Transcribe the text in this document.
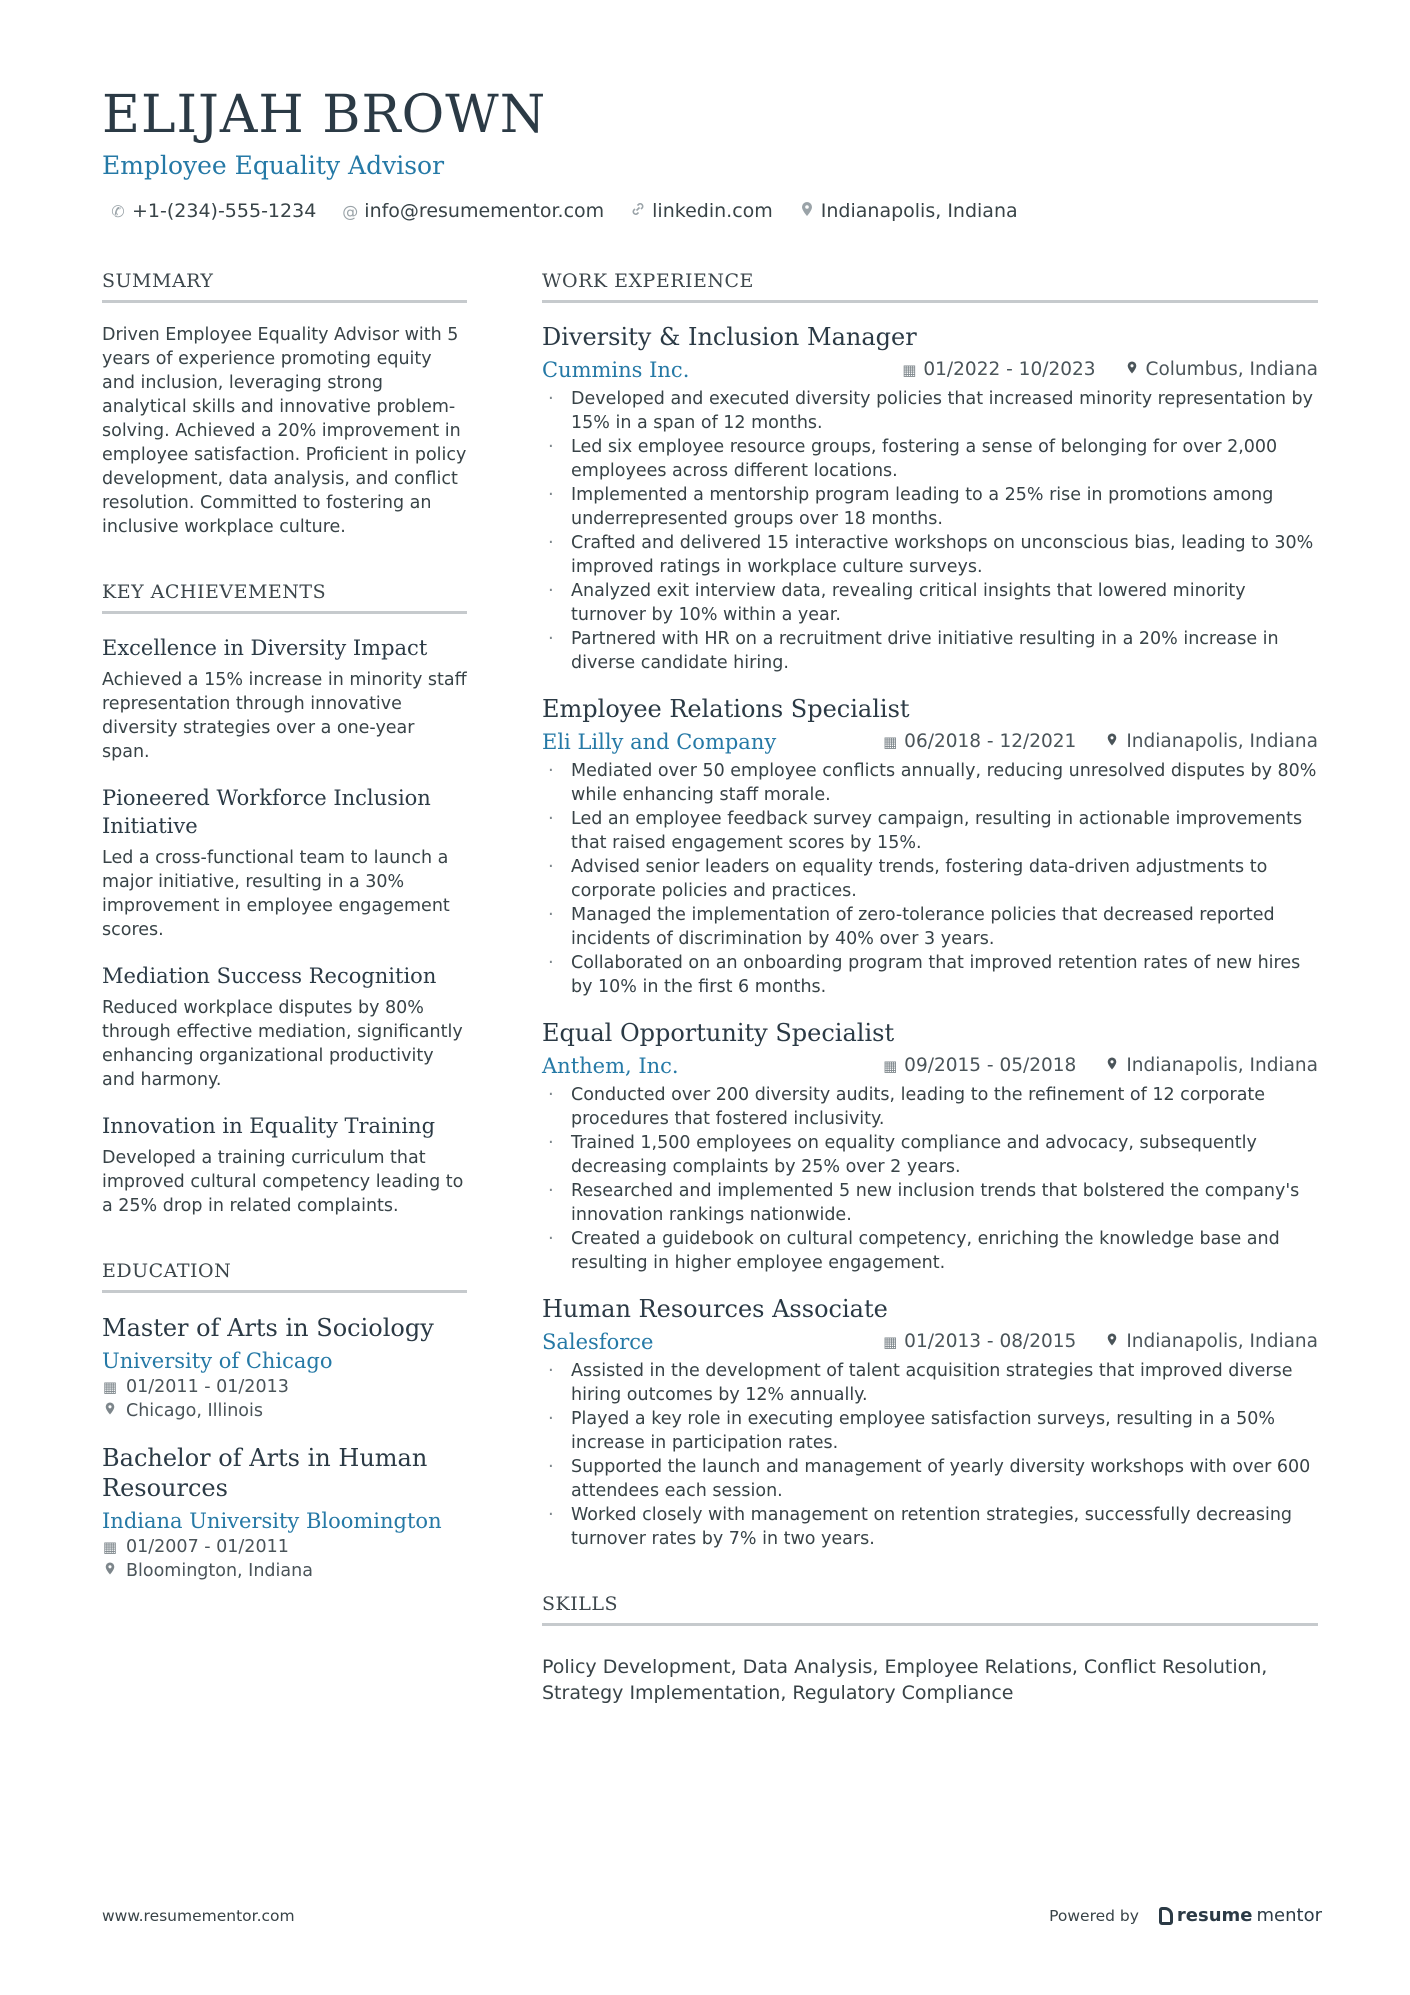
ELIJAH BROWN
Employee Equality Advisor
✆ +1-(234)-555-1234 @ info@resumementor.com	linkedin.com	Indianapolis, Indiana
SUMMARY

Driven Employee Equality Advisor with 5 years of experience promoting equity and inclusion, leveraging strong analytical skills and innovative problem-solving. Achieved a 20% improvement in employee satisfaction. Proficient in policy development, data analysis, and conflict resolution. Committed to fostering an inclusive workplace culture.

KEY ACHIEVEMENTS
Excellence in Diversity Impact
Achieved a 15% increase in minority staff representation through innovative diversity strategies over a one-year span.
Pioneered Workforce Inclusion Initiative
Led a cross-functional team to launch a major initiative, resulting in a 30% improvement in employee engagement scores.
Mediation Success Recognition
Reduced workplace disputes by 80% through effective mediation, significantly enhancing organizational productivity and harmony.
Innovation in Equality Training
Developed a training curriculum that improved cultural competency leading to a 25% drop in related complaints.
EDUCATION
Master of Arts in Sociology
University of Chicago
▦ 01/2011 - 01/2013
Chicago, Illinois
Bachelor of Arts in Human Resources
Indiana University Bloomington
▦ 01/2007 - 01/2011
Bloomington, Indiana
WORK EXPERIENCE
Diversity & Inclusion Manager
Cummins Inc.	▦ 01/2022 - 10/2023	Columbus, Indiana
· Developed and executed diversity policies that increased minority representation by 15% in a span of 12 months.
· Led six employee resource groups, fostering a sense of belonging for over 2,000 employees across different locations.
· Implemented a mentorship program leading to a 25% rise in promotions among underrepresented groups over 18 months.
· Crafted and delivered 15 interactive workshops on unconscious bias, leading to 30% improved ratings in workplace culture surveys.
· Analyzed exit interview data, revealing critical insights that lowered minority turnover by 10% within a year.
· Partnered with HR on a recruitment drive initiative resulting in a 20% increase in diverse candidate hiring.
Employee Relations Specialist
Eli Lilly and Company	▦ 06/2018 - 12/2021	Indianapolis, Indiana
· Mediated over 50 employee conflicts annually, reducing unresolved disputes by 80% while enhancing staff morale.
· Led an employee feedback survey campaign, resulting in actionable improvements that raised engagement scores by 15%.
· Advised senior leaders on equality trends, fostering data-driven adjustments to corporate policies and practices.
· Managed the implementation of zero-tolerance policies that decreased reported incidents of discrimination by 40% over 3 years.
· Collaborated on an onboarding program that improved retention rates of new hires by 10% in the first 6 months.
Equal Opportunity Specialist
Anthem, Inc.	▦ 09/2015 - 05/2018	Indianapolis, Indiana
· Conducted over 200 diversity audits, leading to the refinement of 12 corporate procedures that fostered inclusivity.
· Trained 1,500 employees on equality compliance and advocacy, subsequently decreasing complaints by 25% over 2 years.
· Researched and implemented 5 new inclusion trends that bolstered the company's innovation rankings nationwide.
· Created a guidebook on cultural competency, enriching the knowledge base and resulting in higher employee engagement.
Human Resources Associate
Salesforce	▦ 01/2013 - 08/2015	Indianapolis, Indiana
· Assisted in the development of talent acquisition strategies that improved diverse hiring outcomes by 12% annually.
· Played a key role in executing employee satisfaction surveys, resulting in a 50% increase in participation rates.
· Supported the launch and management of yearly diversity workshops with over 600 attendees each session.
· Worked closely with management on retention strategies, successfully decreasing turnover rates by 7% in two years.
SKILLS

Policy Development, Data Analysis, Employee Relations, Conflict Resolution, Strategy Implementation, Regulatory Compliance

www.resumementor.com	Powered by resume mentor
